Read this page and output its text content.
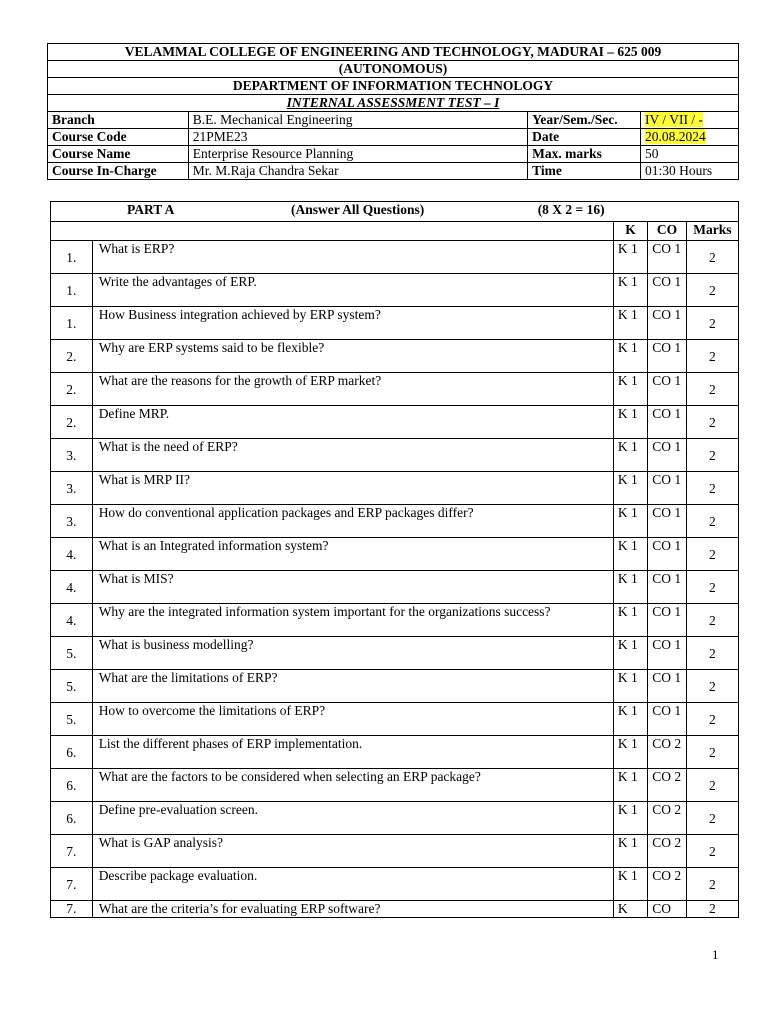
VELAMMAL COLLEGE OF ENGINEERING AND TECHNOLOGY, MADURAI – 625 009			
(AUTONOMOUS)			
DEPARTMENT OF INFORMATION TECHNOLOGY			
INTERNAL ASSESSMENT TEST – I			
Branch	B.E. Mechanical Engineering	Year/Sem./Sec.	IV / VII / -
Course Code	21PME23	Date	20.08.2024
Course Name	Enterprise Resource Planning	Max. marks	50
Course In-Charge	Mr. M.Raja Chandra Sekar	Time	01:30 Hours
PART A (Answer All Questions) (8 X 2 = 16)				
		K	CO	Marks
1.	What is ERP?	K 1	CO 1	2
1.	Write the advantages of ERP.	K 1	CO 1	2
1.	How Business integration achieved by ERP system?	K 1	CO 1	2
2.	Why are ERP systems said to be flexible?	K 1	CO 1	2
2.	What are the reasons for the growth of ERP market?	K 1	CO 1	2
2.	Define MRP.	K 1	CO 1	2
3.	What is the need of ERP?	K 1	CO 1	2
3.	What is MRP II?	K 1	CO 1	2
3.	How do conventional application packages and ERP packages differ?	K 1	CO 1	2
4.	What is an Integrated information system?	K 1	CO 1	2
4.	What is MIS?	K 1	CO 1	2
4.	Why are the integrated information system important for the organizations success?	K 1	CO 1	2
5.	What is business modelling?	K 1	CO 1	2
5.	What are the limitations of ERP?	K 1	CO 1	2
5.	How to overcome the limitations of ERP?	K 1	CO 1	2
6.	List the different phases of ERP implementation.	K 1	CO 2	2
6.	What are the factors to be considered when selecting an ERP package?	K 1	CO 2	2
6.	Define pre-evaluation screen.	K 1	CO 2	2
7.	What is GAP analysis?	K 1	CO 2	2
7.	Describe package evaluation.	K 1	CO 2	2
7.	What are the criteria’s for evaluating ERP software?	K	CO	2
1
